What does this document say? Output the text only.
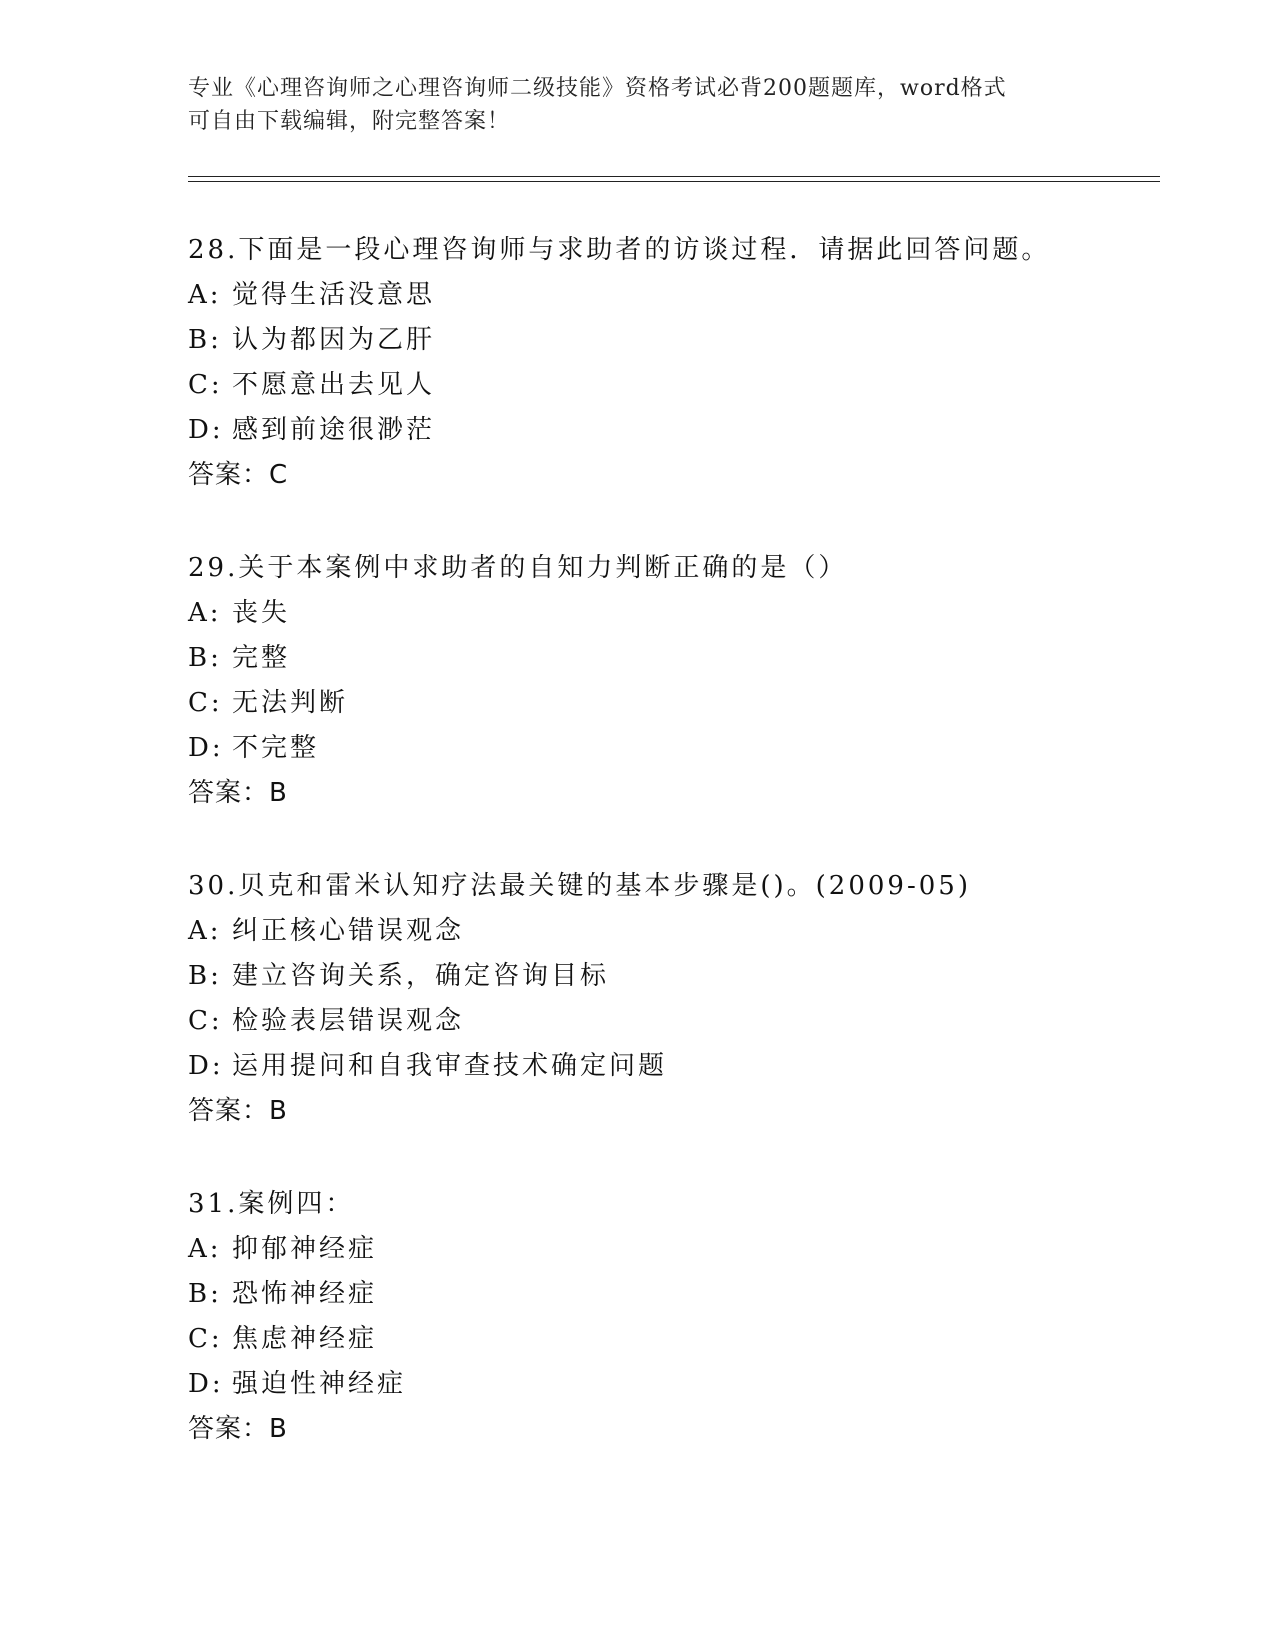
专业《心理咨询师之心理咨询师二级技能》资格考试必背200题题库，word格式
可自由下载编辑，附完整答案！
28.下面是一段心理咨询师与求助者的访谈过程．请据此回答问题。
A: 觉得生活没意思
B: 认为都因为乙肝
C: 不愿意出去见人
D: 感到前途很渺茫
答案：C
29.关于本案例中求助者的自知力判断正确的是（）
A: 丧失
B: 完整
C: 无法判断
D: 不完整
答案：B
30.贝克和雷米认知疗法最关键的基本步骤是()。(2009-05)
A: 纠正核心错误观念
B: 建立咨询关系，确定咨询目标
C: 检验表层错误观念
D: 运用提问和自我审查技术确定问题
答案：B
31.案例四：
A: 抑郁神经症
B: 恐怖神经症
C: 焦虑神经症
D: 强迫性神经症
答案：B
